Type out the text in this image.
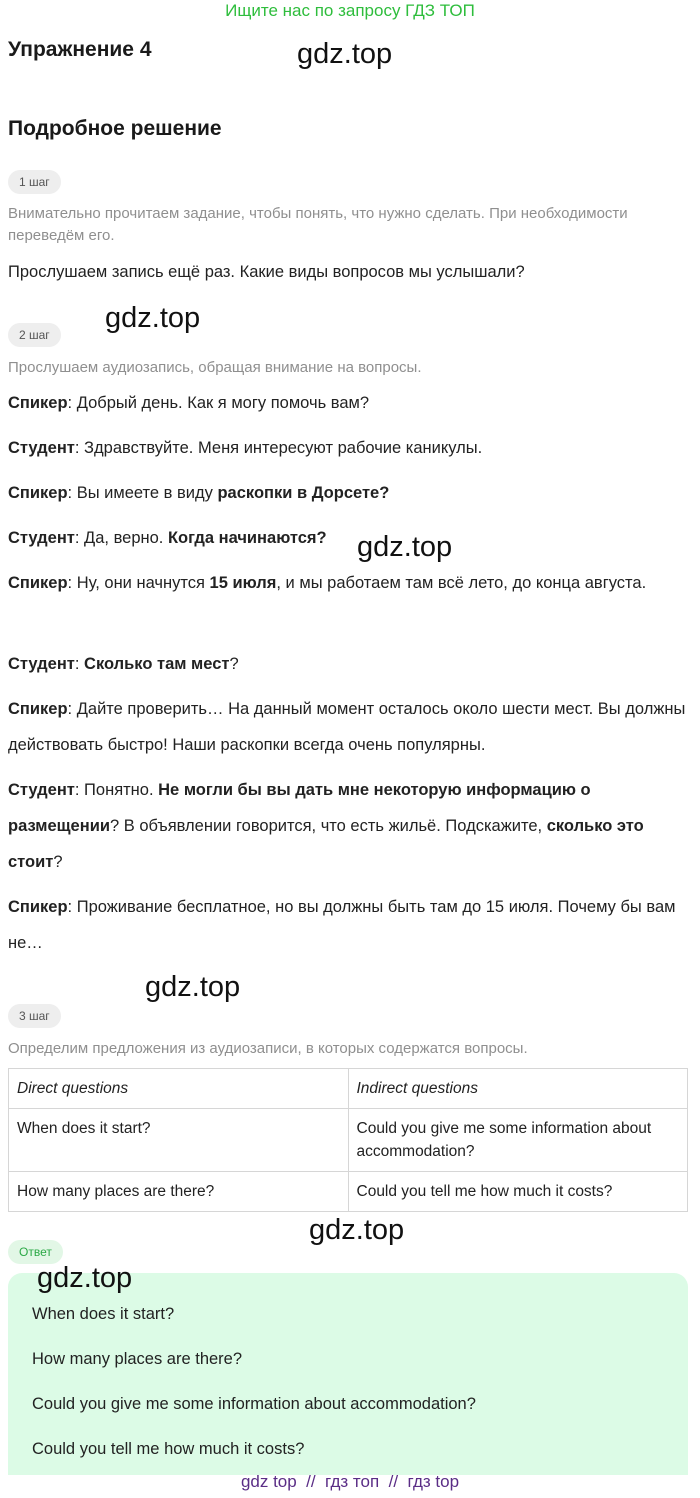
Ищите нас по запросу ГДЗ ТОП
Упражнение 4	gdz.top
Подробное решение
1 шаг
Внимательно прочитаем задание, чтобы понять, что нужно сделать. При необходимости переведём его.
Прослушаем запись ещё раз. Какие виды вопросов мы услышали?
2 шаг
gdz.top
Прослушаем аудиозапись, обращая внимание на вопросы.
Спикер: Добрый день. Как я могу помочь вам?
Студент: Здравствуйте. Меня интересуют рабочие каникулы.
Спикер: Вы имеете в виду раскопки в Дорсете?
Студент: Да, верно. Когда начинаются?	gdz.top
Спикер: Ну, они начнутся 15 июля, и мы работаем там всё лето, до конца августа.
Студент: Сколько там мест?
Спикер: Дайте проверить… На данный момент осталось около шести мест. Вы должны действовать быстро! Наши раскопки всегда очень популярны.
Студент: Понятно. Не могли бы вы дать мне некоторую информацию о размещении? В объявлении говорится, что есть жильё. Подскажите, сколько это стоит?
Спикер: Проживание бесплатное, но вы должны быть там до 15 июля. Почему бы вам не…
gdz.top
3 шаг
Определим предложения из аудиозаписи, в которых содержатся вопросы.
Direct questions	Indirect questions
When does it start?	Could you give me some information about accommodation?
How many places are there?	Could you tell me how much it costs?
gdz.top
Ответ
gdz.top
When does it start?
How many places are there?
Could you give me some information about accommodation?
Could you tell me how much it costs?
gdz top  //  гдз топ  //  гдз top
